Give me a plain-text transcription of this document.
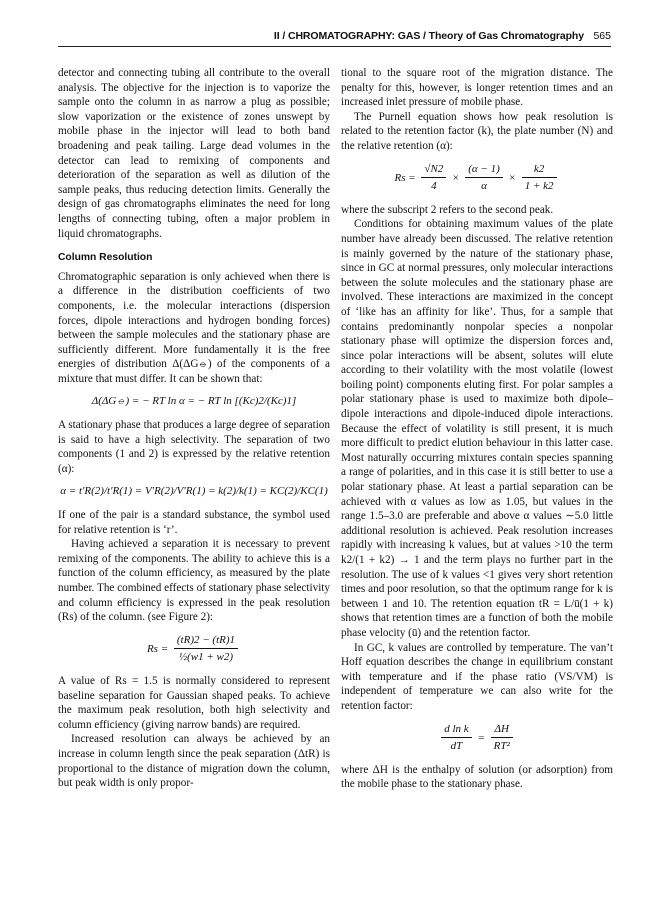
II / CHROMATOGRAPHY: GAS / Theory of Gas Chromatography 565

detector and connecting tubing all contribute to the overall analysis. The objective for the injection is to vaporize the sample onto the column in as narrow a plug as possible; slow vaporization or the existence of zones unswept by mobile phase in the injector will lead to both band broadening and peak tailing. Large dead volumes in the detector can lead to remixing of components and deterioration of the separation as well as dilution of the sample peaks, thus reducing detection limits. Generally the design of gas chromatographs eliminates the need for long lengths of connecting tubing, often a major problem in liquid chromatographs.

Column Resolution

Chromatographic separation is only achieved when there is a difference in the distribution coefficients of two components, i.e. the molecular interactions (dispersion forces, dipole interactions and hydrogen bonding forces) between the sample molecules and the stationary phase are sufficiently different. More fundamentally it is the free energies of distribution Δ(ΔG⦵) of the components of a mixture that must differ. It can be shown that:

Δ(ΔG⦵) = − RT ln α = − RT ln [(Kc)2/(Kc)1]

A stationary phase that produces a large degree of separation is said to have a high selectivity. The separation of two components (1 and 2) is expressed by the relative retention (α):

α = t′R(2)/t′R(1) = V′R(2)/V′R(1) = k(2)/k(1) = KC(2)/KC(1)

If one of the pair is a standard substance, the symbol used for relative retention is ‘r’.

Having achieved a separation it is necessary to prevent remixing of the components. The ability to achieve this is a function of the column efficiency, as measured by the plate number. The combined effects of stationary phase selectivity and column efficiency is expressed in the peak resolution (Rs) of the column. (see Figure 2):

$Rs = \frac{(tR)2 - (tR)1}{\text{½(w1 + w2)}}$

A value of Rs = 1.5 is normally considered to represent baseline separation for Gaussian shaped peaks. To achieve the maximum peak resolution, both high selectivity and column efficiency (giving narrow bands) are required.

Increased resolution can always be achieved by an increase in column length since the peak separation (ΔtR) is proportional to the distance of migration down the column, but peak width is only propor-

tional to the square root of the migration distance. The penalty for this, however, is longer retention times and an increased inlet pressure of mobile phase.

The Purnell equation shows how peak resolution is related to the retention factor (k), the plate number (N) and the relative retention (α):

$Rs = \frac{√N2}{4} \times \frac{(\alpha - 1)}{\alpha} \times \frac{k2}{1 + k2}$

where the subscript 2 refers to the second peak.

Conditions for obtaining maximum values of the plate number have already been discussed. The relative retention is mainly governed by the nature of the stationary phase, since in GC at normal pressures, only molecular interactions between the solute molecules and the stationary phase are involved. These interactions are maximized in the concept of ‘like has an affinity for like’. Thus, for a sample that contains predominantly nonpolar species a nonpolar stationary phase will optimize the dispersion forces and, since polar interactions will be absent, solutes will elute according to their volatility with the most volatile (lowest boiling point) components eluting first. For polar samples a polar stationary phase is used to maximize both dipole–dipole interactions and dipole-induced dipole interactions. Because the effect of volatility is still present, it is much more difficult to predict elution behaviour in this latter case. Most naturally occurring mixtures contain species spanning a range of polarities, and in this case it is still better to use a polar stationary phase. At least a partial separation can be achieved with α values as low as 1.05, but values in the range 1.5–3.0 are preferable and above α values ∼5.0 little additional resolution is achieved. Peak resolution increases rapidly with increasing k values, but at values >10 the term k2/(1 + k2) → 1 and the term plays no further part in the resolution. The use of k values <1 gives very short retention times and poor resolution, so that the optimum range for k is between 1 and 10. The retention equation tR = L/ū(1 + k) shows that retention times are a function of both the mobile phase velocity (ū) and the retention factor.

In GC, k values are controlled by temperature. The van’t Hoff equation describes the change in equilibrium constant with temperature and if the phase ratio (VS/VM) is independent of temperature we can also write for the retention factor:

$\frac{\text{d ln k}}{dT} = \frac{\Delta H}{\text{RT²}}$

where ΔH is the enthalpy of solution (or adsorption) from the mobile phase to the stationary phase.
